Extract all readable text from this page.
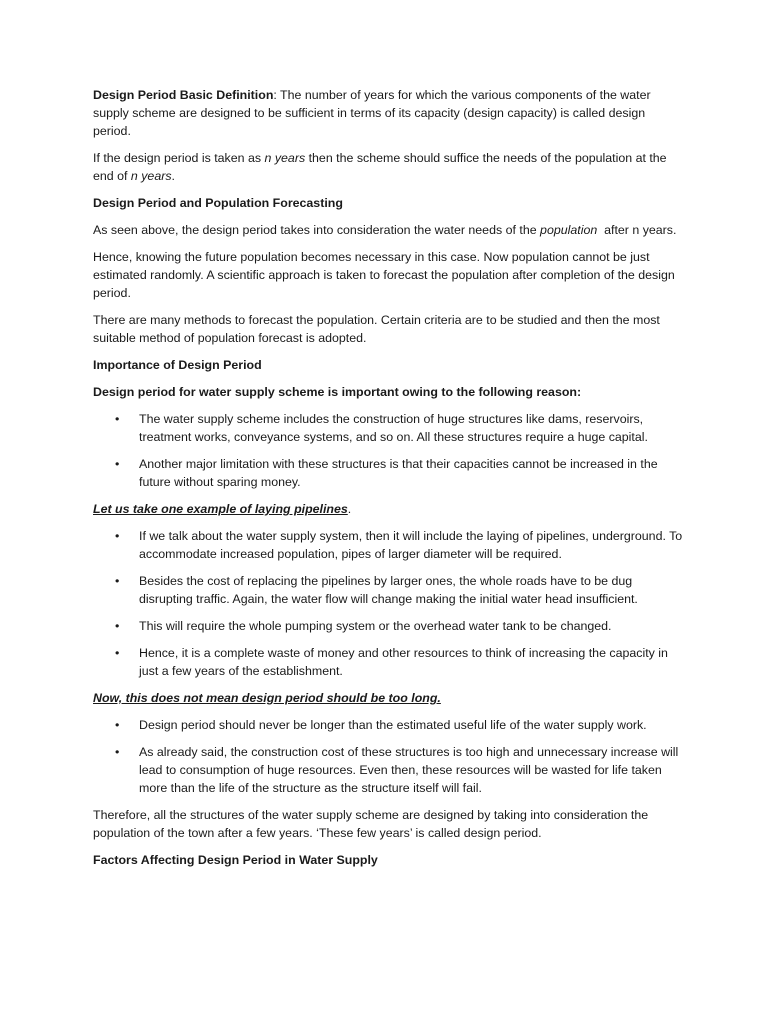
Design Period Basic Definition: The number of years for which the various components of the water supply scheme are designed to be sufficient in terms of its capacity (design capacity) is called design period.

If the design period is taken as n years then the scheme should suffice the needs of the population at the end of n years.

Design Period and Population Forecasting

As seen above, the design period takes into consideration the water needs of the population  after n years.

Hence, knowing the future population becomes necessary in this case. Now population cannot be just estimated randomly. A scientific approach is taken to forecast the population after completion of the design period.

There are many methods to forecast the population. Certain criteria are to be studied and then the most suitable method of population forecast is adopted.

Importance of Design Period

Design period for water supply scheme is important owing to the following reason:

• The water supply scheme includes the construction of huge structures like dams, reservoirs, treatment works, conveyance systems, and so on. All these structures require a huge capital.
• Another major limitation with these structures is that their capacities cannot be increased in the future without sparing money.

Let us take one example of laying pipelines.

• If we talk about the water supply system, then it will include the laying of pipelines, underground. To accommodate increased population, pipes of larger diameter will be required.
• Besides the cost of replacing the pipelines by larger ones, the whole roads have to be dug disrupting traffic. Again, the water flow will change making the initial water head insufficient.
• This will require the whole pumping system or the overhead water tank to be changed.
• Hence, it is a complete waste of money and other resources to think of increasing the capacity in just a few years of the establishment.

Now, this does not mean design period should be too long.

• Design period should never be longer than the estimated useful life of the water supply work.
• As already said, the construction cost of these structures is too high and unnecessary increase will lead to consumption of huge resources. Even then, these resources will be wasted for life taken more than the life of the structure as the structure itself will fail.

Therefore, all the structures of the water supply scheme are designed by taking into consideration the population of the town after a few years. ‘These few years’ is called design period.

Factors Affecting Design Period in Water Supply
